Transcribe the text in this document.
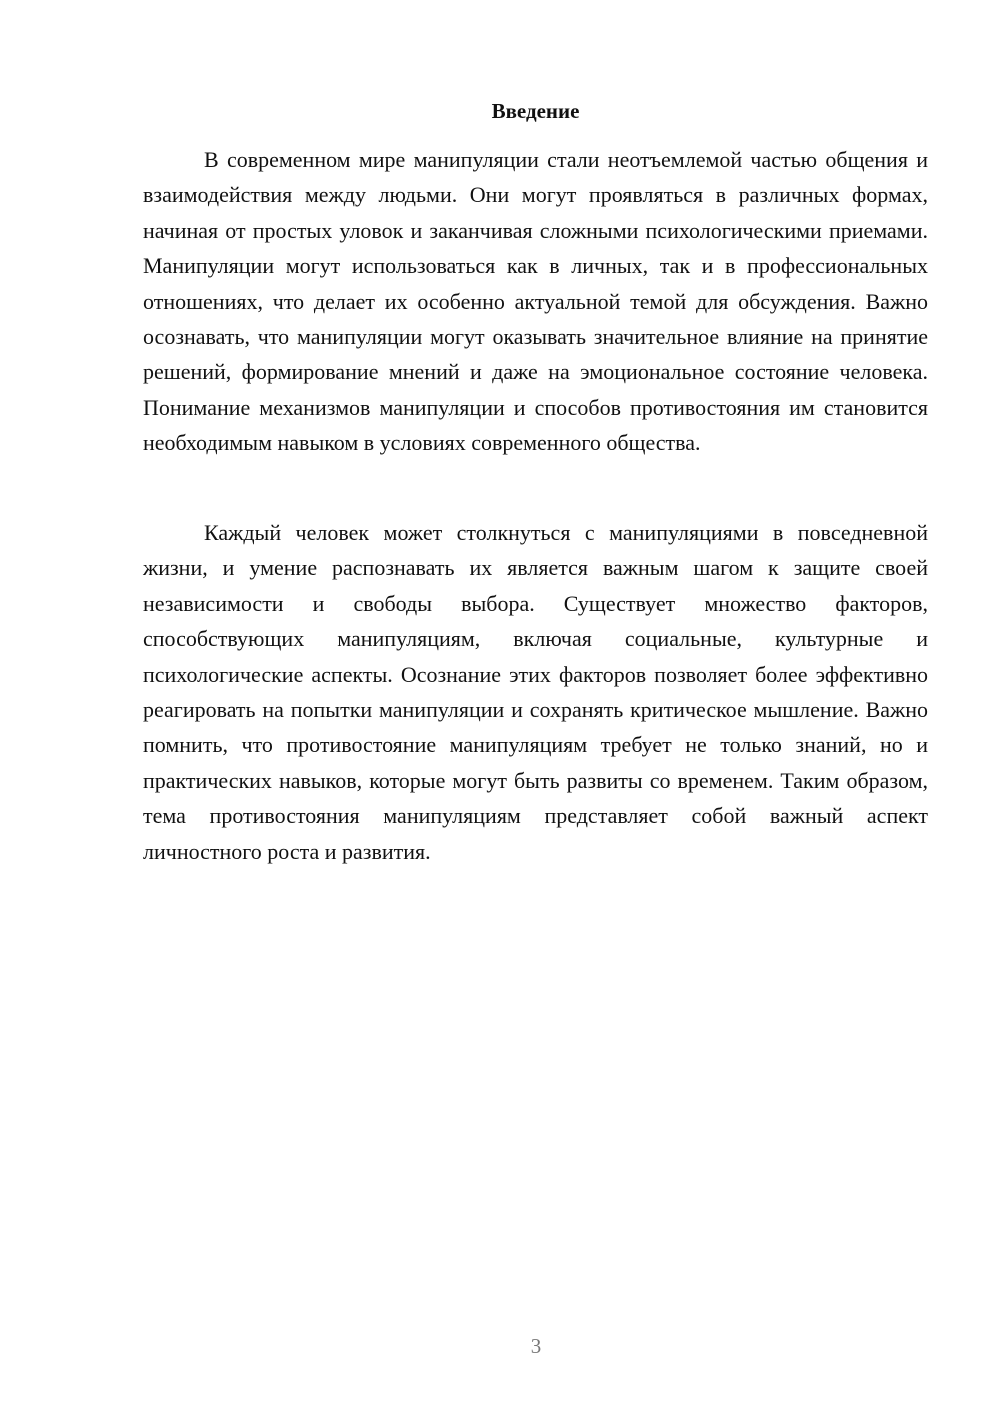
Введение

В современном мире манипуляции стали неотъемлемой частью общения и взаимодействия между людьми. Они могут проявляться в различных формах, начиная от простых уловок и заканчивая сложными психологическими приемами. Манипуляции могут использоваться как в личных, так и в профессиональных отношениях, что делает их особенно актуальной темой для обсуждения. Важно осознавать, что манипуляции могут оказывать значительное влияние на принятие решений, формирование мнений и даже на эмоциональное состояние человека. Понимание механизмов манипуляции и способов противостояния им становится необходимым навыком в условиях современного общества.

Каждый человек может столкнуться с манипуляциями в повседневной жизни, и умение распознавать их является важным шагом к защите своей независимости и свободы выбора. Существует множество факторов, способствующих манипуляциям, включая социальные, культурные и психологические аспекты. Осознание этих факторов позволяет более эффективно реагировать на попытки манипуляции и сохранять критическое мышление. Важно помнить, что противостояние манипуляциям требует не только знаний, но и практических навыков, которые могут быть развиты со временем. Таким образом, тема противостояния манипуляциям представляет собой важный аспект личностного роста и развития.

3
